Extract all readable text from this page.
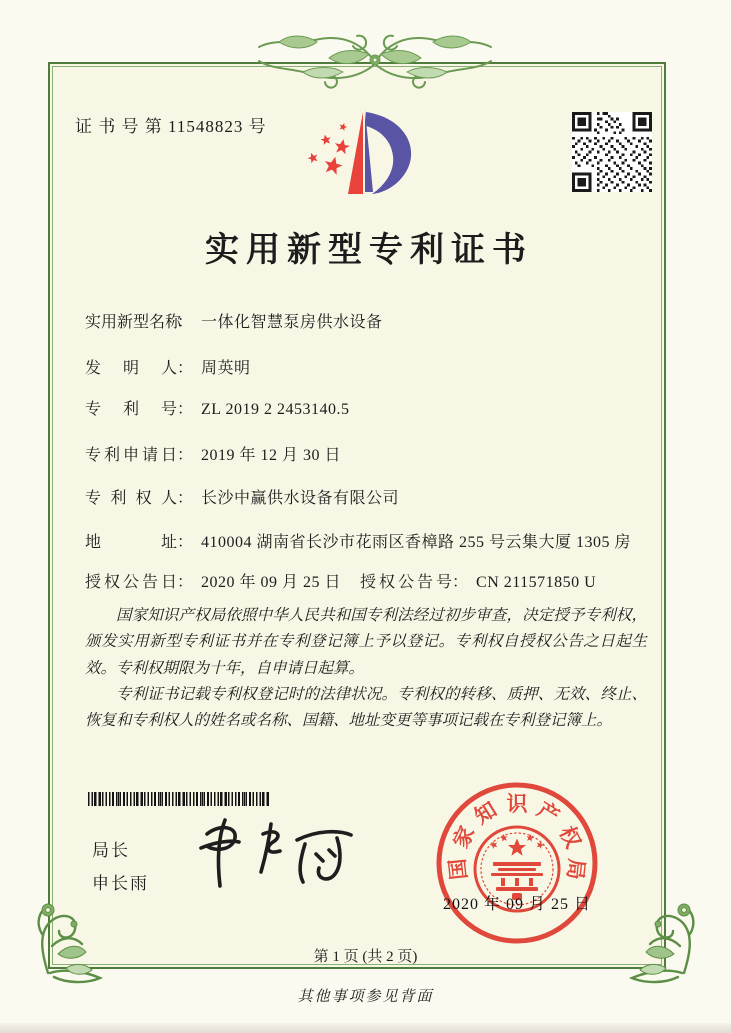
证 书 号 第 11548823 号
实用新型专利证书
实用新型名称： 一体化智慧泵房供水设备
发明人： 周英明
专利号： ZL 2019 2 2453140.5
专利申请日： 2019 年 12 月 30 日
专利权人： 长沙中赢供水设备有限公司
地址： 410004 湖南省长沙市花雨区香樟路 255 号云集大厦 1305 房
授权公告日： 2020 年 09 月 25 日 授权公告号： CN 211571850 U

国家知识产权局依照中华人民共和国专利法经过初步审查，决定授予专利权，颁发实用新型专利证书并在专利登记簿上予以登记。专利权自授权公告之日起生效。专利权期限为十年，自申请日起算。

专利证书记载专利权登记时的法律状况。专利权的转移、质押、无效、终止、恢复和专利权人的姓名或名称、国籍、地址变更等事项记载在专利登记簿上。

局长
申长雨
国
家
知 识 产
权
局
2020 年 09 月 25 日
第 1 页 (共 2 页)
其他事项参见背面
